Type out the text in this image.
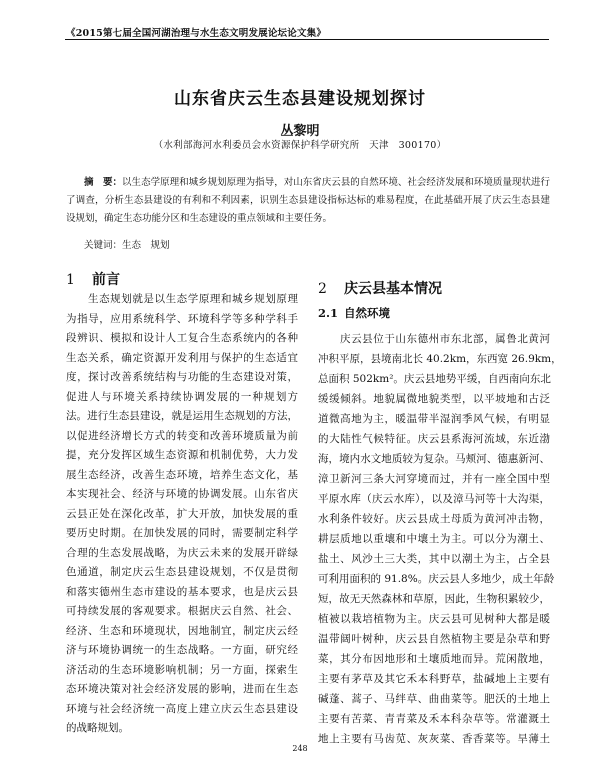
《2015第七届全国河湖治理与水生态文明发展论坛论文集》
山东省庆云生态县建设规划探讨
丛黎明
（水利部海河水利委员会水资源保护科学研究所　天津　300170）
摘　要：以生态学原理和城乡规划原理为指导，对山东省庆云县的自然环境、社会经济发展和环境质量现状进行了调查，分析生态县建设的有利和不利因素，识别生态县建设指标达标的难易程度，在此基础开展了庆云生态县建设规划，确定生态功能分区和生态建设的重点领域和主要任务。
关键词：生态　规划
1 前言
2 庆云县基本情况
2.1 自然环境
生态规划就是以生态学原理和城乡规划原理
为指导，应用系统科学、环境科学等多种学科手
段辨识、模拟和设计人工复合生态系统内的各种
生态关系，确定资源开发利用与保护的生态适宜
度，探讨改善系统结构与功能的生态建设对策，
促进人与环境关系持续协调发展的一种规划方
法。进行生态县建设，就是运用生态规划的方法，
以促进经济增长方式的转变和改善环境质量为前
提，充分发挥区域生态资源和机制优势，大力发
展生态经济，改善生态环境，培养生态文化，基
本实现社会、经济与环境的协调发展。山东省庆
云县正处在深化改革，扩大开放，加快发展的重
要历史时期。在加快发展的同时，需要制定科学
合理的生态发展战略，为庆云未来的发展开辟绿
色通道，制定庆云生态县建设规划，不仅是贯彻
和落实德州生态市建设的基本要求，也是庆云县
可持续发展的客观要求。根据庆云自然、社会、
经济、生态和环境现状，因地制宜，制定庆云经
济与环境协调统一的生态战略。一方面，研究经
济活动的生态环境影响机制；另一方面，探索生
态环境决策对社会经济发展的影响，进而在生态
环境与社会经济统一高度上建立庆云生态县建设
的战略规划。
庆云县位于山东德州市东北部，属鲁北黄河
冲积平原，县境南北长 40.2km，东西宽 26.9km，
总面积 502km²。庆云县地势平缓，自西南向东北
缓缓倾斜。地貌属微地貌类型，以平坡地和古泛
道微高地为主，暖温带半湿润季风气候，有明显
的大陆性气候特征。庆云县系海河流域，东近渤
海，境内水文地质较为复杂。马颊河、德惠新河、
漳卫新河三条大河穿境而过，并有一座全国中型
平原水库（庆云水库），以及漳马河等十大沟渠，
水利条件较好。庆云县成土母质为黄河冲击物，
耕层质地以重壤和中壤土为主。可以分为潮土、
盐土、风沙土三大类，其中以潮土为主，占全县
可利用面积的 91.8%。庆云县人多地少，成土年龄
短，故无天然森林和草原，因此，生物积累较少，
植被以栽培植物为主。庆云县可见树种大都是暖
温带阔叶树种，庆云县自然植物主要是杂草和野
菜，其分布因地形和土壤质地而异。荒闲散地，
主要有茅草及其它禾本科野草，盐碱地上主要有
碱蓬、蒿子、马绊草、曲曲菜等。肥沃的土地上
主要有苦菜、青青菜及禾本科杂草等。常灌溉土
地上主要有马齿苋、灰灰菜、香香菜等。旱薄土
248
